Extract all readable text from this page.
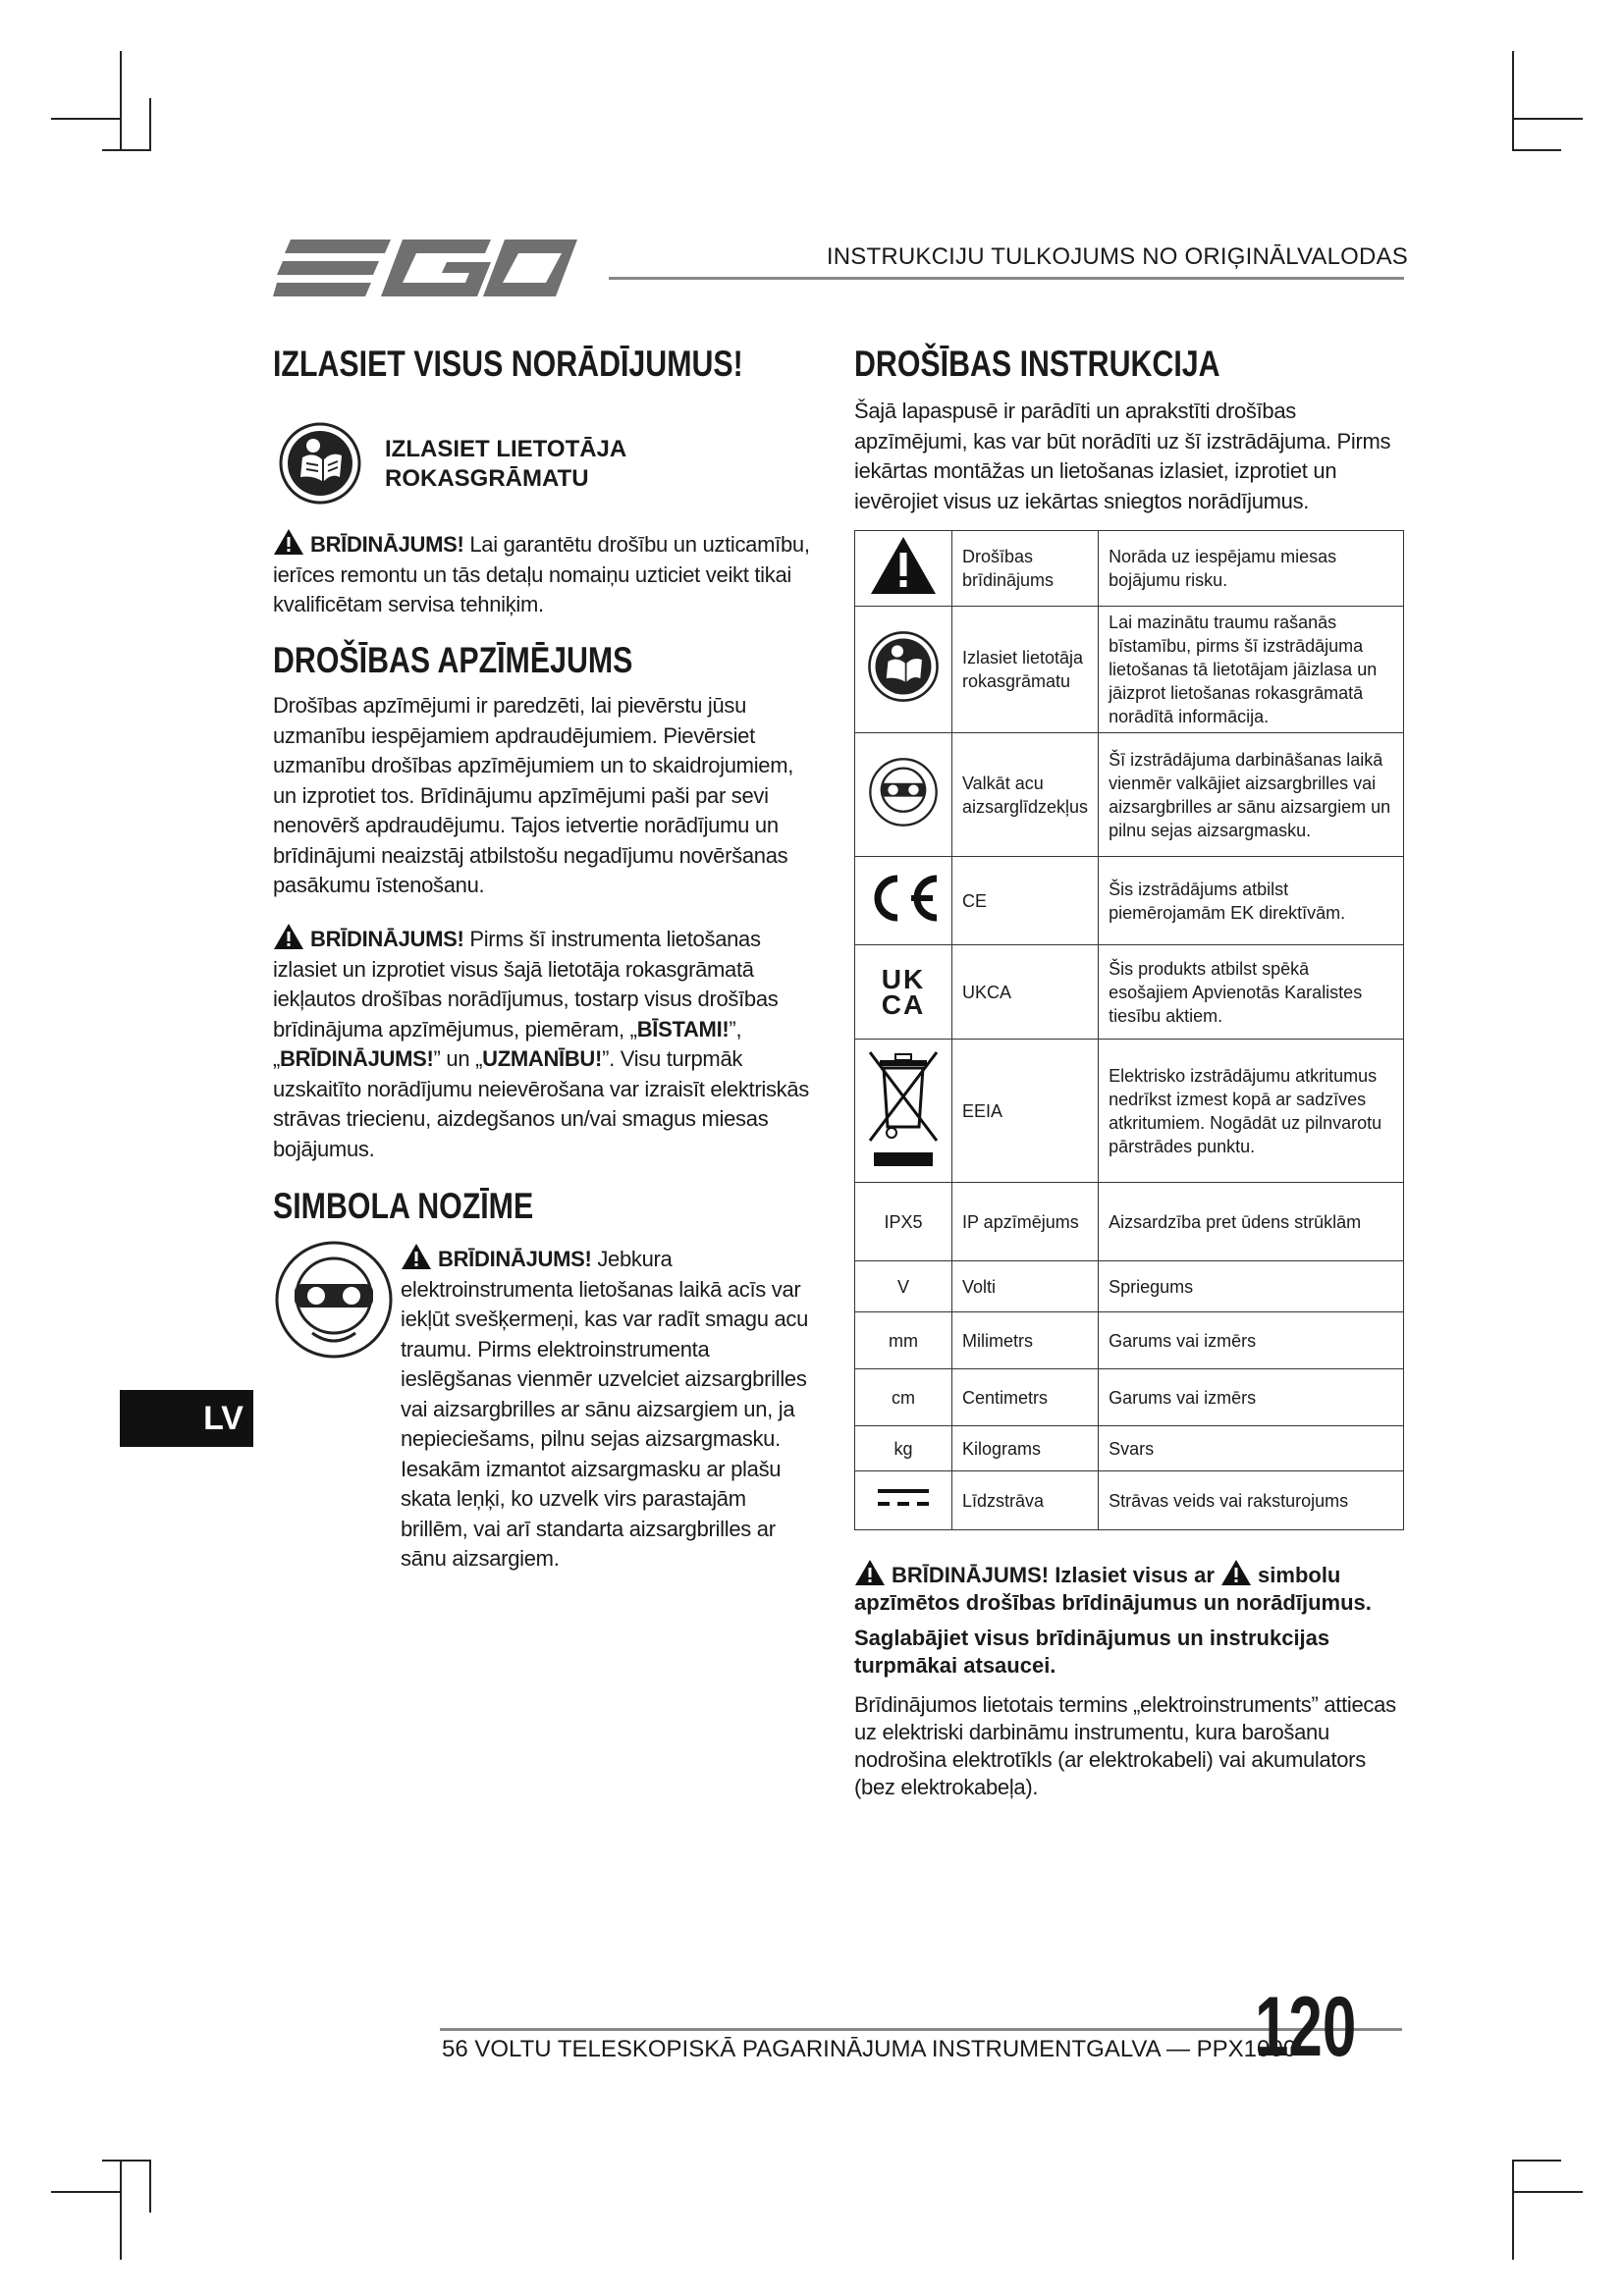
INSTRUKCIJU TULKOJUMS NO ORIĢINĀLVALODAS
IZLASIET VISUS NORĀDĪJUMUS!
IZLASIET LIETOTĀJA
ROKASGRĀMATU

BRĪDINĀJUMS! Lai garantētu drošību un uzticamību, ierīces remontu un tās detaļu nomaiņu uzticiet veikt tikai kvalificētam servisa tehniķim.

DROŠĪBAS APZĪMĒJUMS

Drošības apzīmējumi ir paredzēti, lai pievērstu jūsu uzmanību iespējamiem apdraudējumiem. Pievērsiet uzmanību drošības apzīmējumiem un to skaidrojumiem, un izprotiet tos. Brīdinājumu apzīmējumi paši par sevi nenovērš apdraudējumu. Tajos ietvertie norādījumu un brīdinājumi neaizstāj atbilstošu negadījumu novēršanas pasākumu īstenošanu.

BRĪDINĀJUMS! Pirms šī instrumenta lietošanas izlasiet un izprotiet visus šajā lietotāja rokasgrāmatā iekļautos drošības norādījumus, tostarp visus drošības brīdinājuma apzīmējumus, piemēram, „BĪSTAMI!”, „BRĪDINĀJUMS!” un „UZMANĪBU!”. Visu turpmāk uzskaitīto norādījumu neievērošana var izraisīt elektriskās strāvas triecienu, aizdegšanos un/vai smagus miesas bojājumus.

SIMBOLA NOZĪME

BRĪDINĀJUMS! Jebkura elektroinstrumenta lietošanas laikā acīs var iekļūt svešķermeņi, kas var radīt smagu acu traumu. Pirms elektroinstrumenta ieslēgšanas vienmēr uzvelciet aizsargbrilles vai aizsargbrilles ar sānu aizsargiem un, ja nepieciešams, pilnu sejas aizsargmasku. Iesakām izmantot aizsargmasku ar plašu skata leņķi, ko uzvelk virs parastajām brillēm, vai arī standarta aizsargbrilles ar sānu aizsargiem.

DROŠĪBAS INSTRUKCIJA

Šajā lapaspusē ir parādīti un aprakstīti drošības apzīmējumi, kas var būt norādīti uz šī izstrādājuma. Pirms iekārtas montāžas un lietošanas izlasiet, izprotiet un ievērojiet visus uz iekārtas sniegtos norādījumus.

	Drošības brīdinājums	Norāda uz iespējamu miesas bojājumu risku.
	Izlasiet lietotāja rokasgrāmatu	Lai mazinātu traumu rašanās bīstamību, pirms šī izstrādājuma lietošanas tā lietotājam jāizlasa un jāizprot lietošanas rokasgrāmatā norādītā informācija.
	Valkāt acu aizsarglīdzekļus	Šī izstrādājuma darbināšanas laikā vienmēr valkājiet aizsargbrilles vai aizsargbrilles ar sānu aizsargiem un pilnu sejas aizsargmasku.
	CE	Šis izstrādājums atbilst piemērojamām EK direktīvām.

UK CA	UKCA	Šis produkts atbilst spēkā esošajiem Apvienotās Karalistes tiesību aktiem.
	EEIA	Elektrisko izstrādājumu atkritumus nedrīkst izmest kopā ar sadzīves atkritumiem. Nogādāt uz pilnvarotu pārstrādes punktu.
IPX5	IP apzīmējums	Aizsardzība pret ūdens strūklām
V	Volti	Spriegums
mm	Milimetrs	Garums vai izmērs
cm	Centimetrs	Garums vai izmērs
kg	Kilograms	Svars
	Līdzstrāva	Strāvas veids vai raksturojums

BRĪDINĀJUMS! Izlasiet visus ar simbolu apzīmētos drošības brīdinājumus un norādījumus.

Saglabājiet visus brīdinājumus un instrukcijas turpmākai atsaucei.

Brīdinājumos lietotais termins „elektroinstruments” attiecas uz elektriski darbināmu instrumentu, kura barošanu nodrošina elektrotīkls (ar elektrokabeli) vai akumulators (bez elektrokabeļa).

LV
56 VOLTU TELESKOPISKĀ PAGARINĀJUMA INSTRUMENTGALVA — PPX1000
120
